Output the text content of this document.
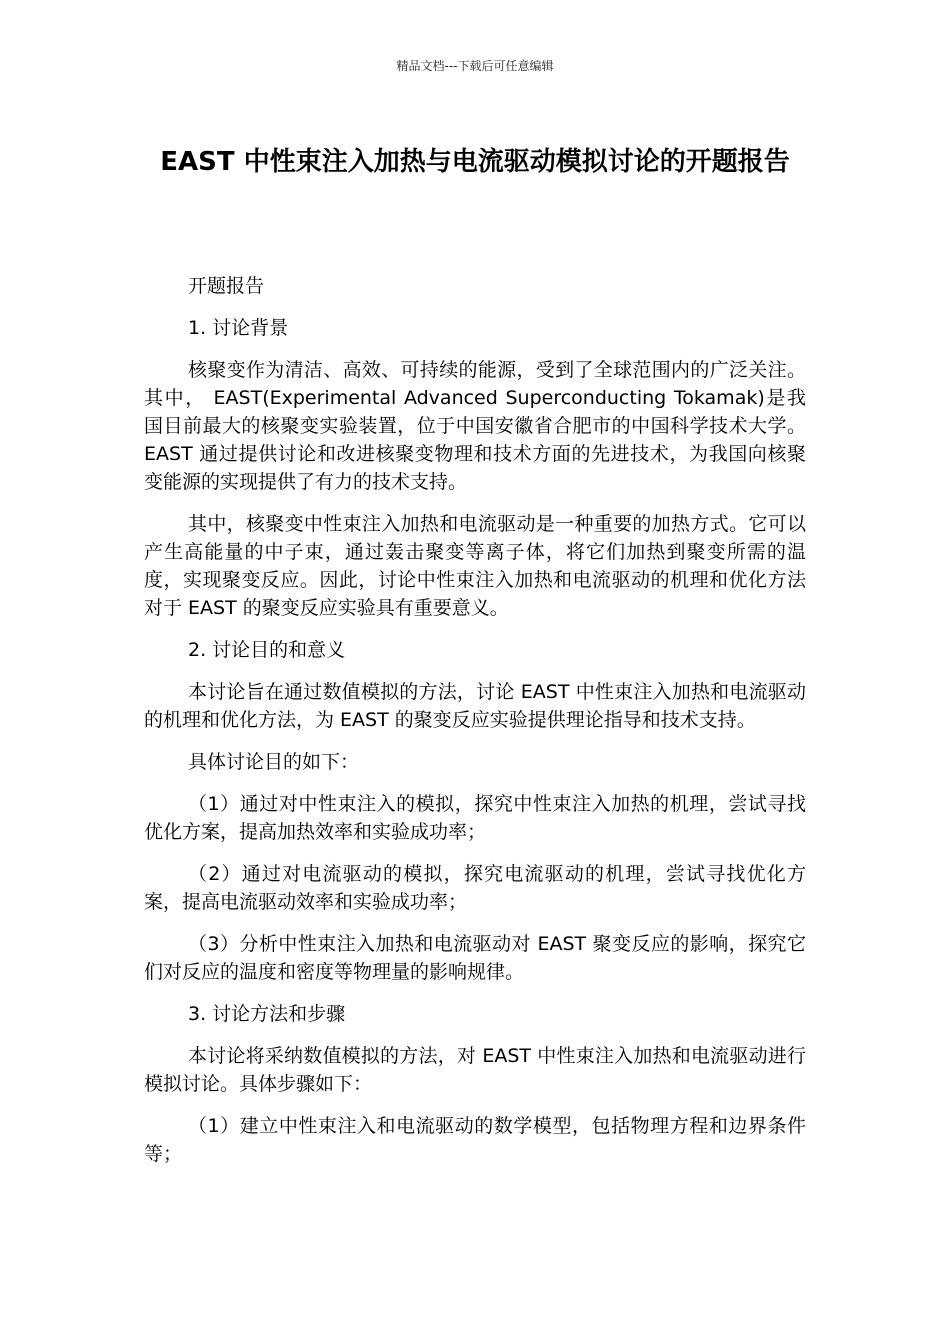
精品文档---下载后可任意编辑
EAST 中性束注入加热与电流驱动模拟讨论的开题报告

开题报告

1. 讨论背景

核聚变作为清洁、高效、可持续的能源，受到了全球范围内的广泛关注。其中， EAST(Experimental Advanced Superconducting Tokamak)是我国目前最大的核聚变实验装置，位于中国安徽省合肥市的中国科学技术大学。EAST 通过提供讨论和改进核聚变物理和技术方面的先进技术，为我国向核聚变能源的实现提供了有力的技术支持。

其中，核聚变中性束注入加热和电流驱动是一种重要的加热方式。它可以产生高能量的中子束，通过轰击聚变等离子体，将它们加热到聚变所需的温度，实现聚变反应。因此，讨论中性束注入加热和电流驱动的机理和优化方法对于 EAST 的聚变反应实验具有重要意义。

2. 讨论目的和意义

本讨论旨在通过数值模拟的方法，讨论 EAST 中性束注入加热和电流驱动的机理和优化方法，为 EAST 的聚变反应实验提供理论指导和技术支持。

具体讨论目的如下：

（1）通过对中性束注入的模拟，探究中性束注入加热的机理，尝试寻找优化方案，提高加热效率和实验成功率；

（2）通过对电流驱动的模拟，探究电流驱动的机理，尝试寻找优化方案，提高电流驱动效率和实验成功率；

（3）分析中性束注入加热和电流驱动对 EAST 聚变反应的影响，探究它们对反应的温度和密度等物理量的影响规律。

3. 讨论方法和步骤

本讨论将采纳数值模拟的方法，对 EAST 中性束注入加热和电流驱动进行模拟讨论。具体步骤如下：

（1）建立中性束注入和电流驱动的数学模型，包括物理方程和边界条件等；
